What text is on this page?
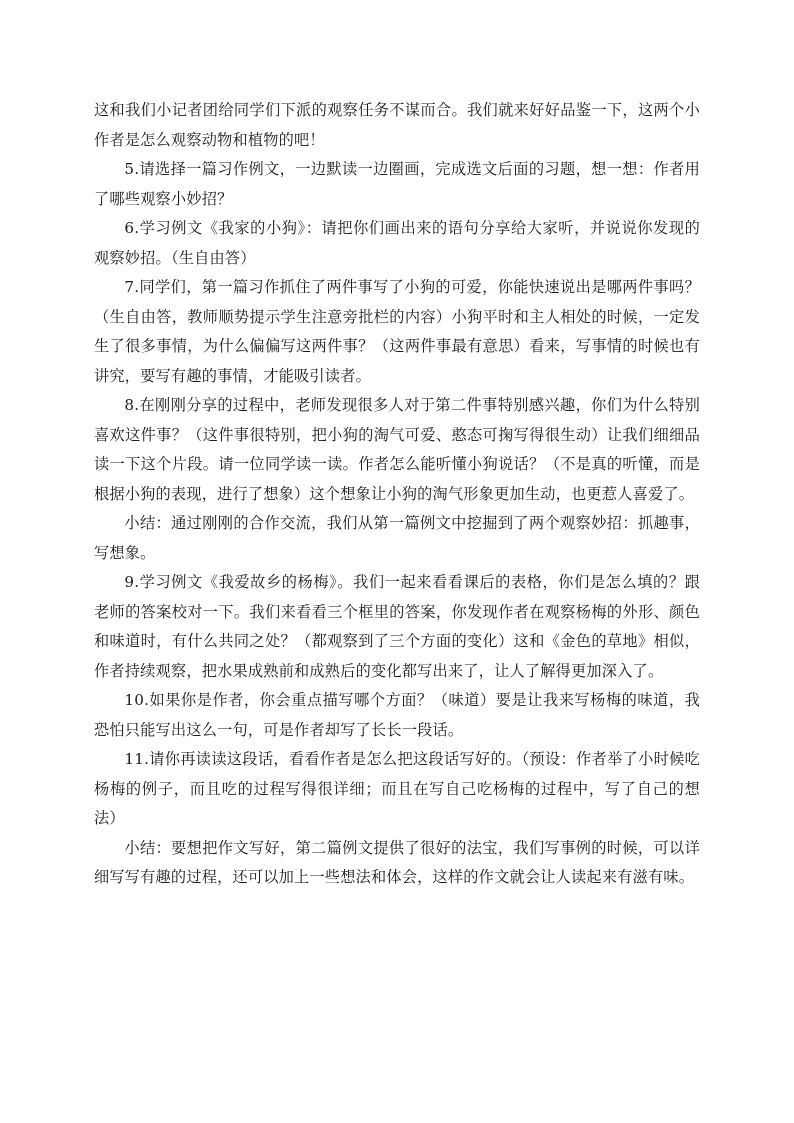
这和我们小记者团给同学们下派的观察任务不谋而合。我们就来好好品鉴一下，这两个小作者是怎么观察动物和植物的吧！

5.请选择一篇习作例文，一边默读一边圈画，完成选文后面的习题，想一想：作者用了哪些观察小妙招？

6.学习例文《我家的小狗》：请把你们画出来的语句分享给大家听，并说说你发现的观察妙招。（生自由答）

7.同学们，第一篇习作抓住了两件事写了小狗的可爱，你能快速说出是哪两件事吗？（生自由答，教师顺势提示学生注意旁批栏的内容）小狗平时和主人相处的时候，一定发生了很多事情，为什么偏偏写这两件事？（这两件事最有意思）看来，写事情的时候也有讲究，要写有趣的事情，才能吸引读者。

8.在刚刚分享的过程中，老师发现很多人对于第二件事特别感兴趣，你们为什么特别喜欢这件事？（这件事很特别，把小狗的淘气可爱、憨态可掬写得很生动）让我们细细品读一下这个片段。请一位同学读一读。作者怎么能听懂小狗说话？（不是真的听懂，而是根据小狗的表现，进行了想象）这个想象让小狗的淘气形象更加生动，也更惹人喜爱了。

小结：通过刚刚的合作交流，我们从第一篇例文中挖掘到了两个观察妙招：抓趣事，写想象。

9.学习例文《我爱故乡的杨梅》。我们一起来看看课后的表格，你们是怎么填的？跟老师的答案校对一下。我们来看看三个框里的答案，你发现作者在观察杨梅的外形、颜色和味道时，有什么共同之处？（都观察到了三个方面的变化）这和《金色的草地》相似，作者持续观察，把水果成熟前和成熟后的变化都写出来了，让人了解得更加深入了。

10.如果你是作者，你会重点描写哪个方面？（味道）要是让我来写杨梅的味道，我恐怕只能写出这么一句，可是作者却写了长长一段话。

11.请你再读读这段话，看看作者是怎么把这段话写好的。（预设：作者举了小时候吃杨梅的例子，而且吃的过程写得很详细；而且在写自己吃杨梅的过程中，写了自己的想法）

小结：要想把作文写好，第二篇例文提供了很好的法宝，我们写事例的时候，可以详细写写有趣的过程，还可以加上一些想法和体会，这样的作文就会让人读起来有滋有味。
